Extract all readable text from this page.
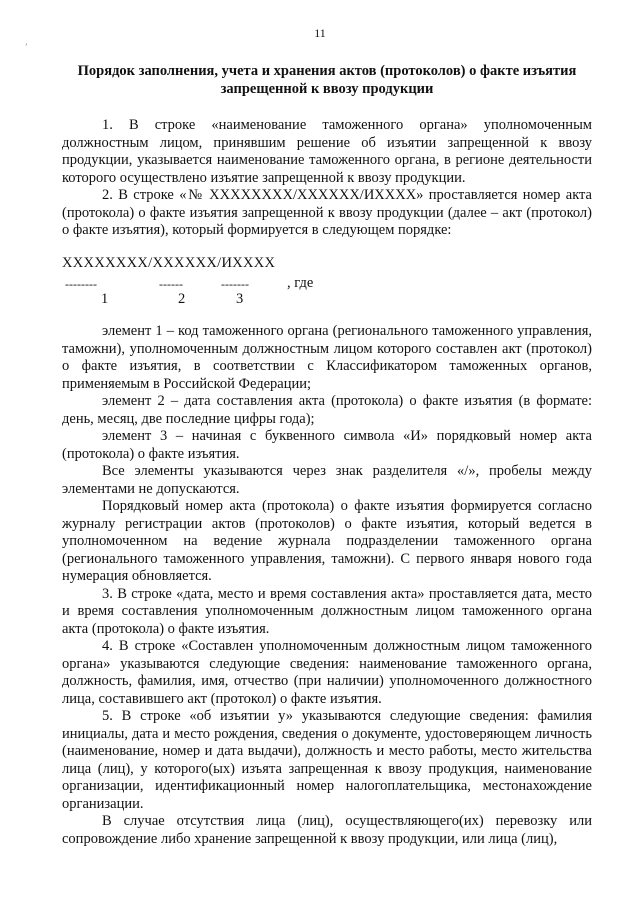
’
11
Порядок заполнения, учета и хранения актов (протоколов) о факте изъятия запрещенной к ввозу продукции

1. В строке «наименование таможенного органа» уполномоченным должностным лицом, принявшим решение об изъятии запрещенной к ввозу продукции, указывается наименование таможенного органа, в регионе деятельности которого осуществлено изъятие запрещенной к ввозу продукции.

2. В строке «№ XXXXXXXX/XXXXXX/ИXXXX» проставляется номер акта (протокола) о факте изъятия запрещенной к ввозу продукции (далее – акт (протокол) о факте изъятия), который формируется в следующем порядке:

XXXXXXXX/XXXXXX/ИXXXX
--------	------	-------	, где
1	2	3

элемент 1 – код таможенного органа (регионального таможенного управления, таможни), уполномоченным должностным лицом которого составлен акт (протокол) о факте изъятия, в соответствии с Классификатором таможенных органов, применяемым в Российской Федерации;

элемент 2 – дата составления акта (протокола) о факте изъятия (в формате: день, месяц, две последние цифры года);

элемент 3 – начиная с буквенного символа «И» порядковый номер акта (протокола) о факте изъятия.

Все элементы указываются через знак разделителя «/», пробелы между элементами не допускаются.

Порядковый номер акта (протокола) о факте изъятия формируется согласно журналу регистрации актов (протоколов) о факте изъятия, который ведется в уполномоченном на ведение журнала подразделении таможенного органа (регионального таможенного управления, таможни). С первого января нового года нумерация обновляется.

3. В строке «дата, место и время составления акта» проставляется дата, место и время составления уполномоченным должностным лицом таможенного органа акта (протокола) о факте изъятия.

4. В строке «Составлен уполномоченным должностным лицом таможенного органа» указываются следующие сведения: наименование таможенного органа, должность, фамилия, имя, отчество (при наличии) уполномоченного должностного лица, составившего акт (протокол) о факте изъятия.

5. В строке «об изъятии у» указываются следующие сведения: фамилия инициалы, дата и место рождения, сведения о документе, удостоверяющем личность (наименование, номер и дата выдачи), должность и место работы, место жительства лица (лиц), у которого(ых) изъята запрещенная к ввозу продукция, наименование организации, идентификационный номер налогоплательщика, местонахождение организации.

В случае отсутствия лица (лиц), осуществляющего(их) перевозку или сопровождение либо хранение запрещенной к ввозу продукции, или лица (лиц),
